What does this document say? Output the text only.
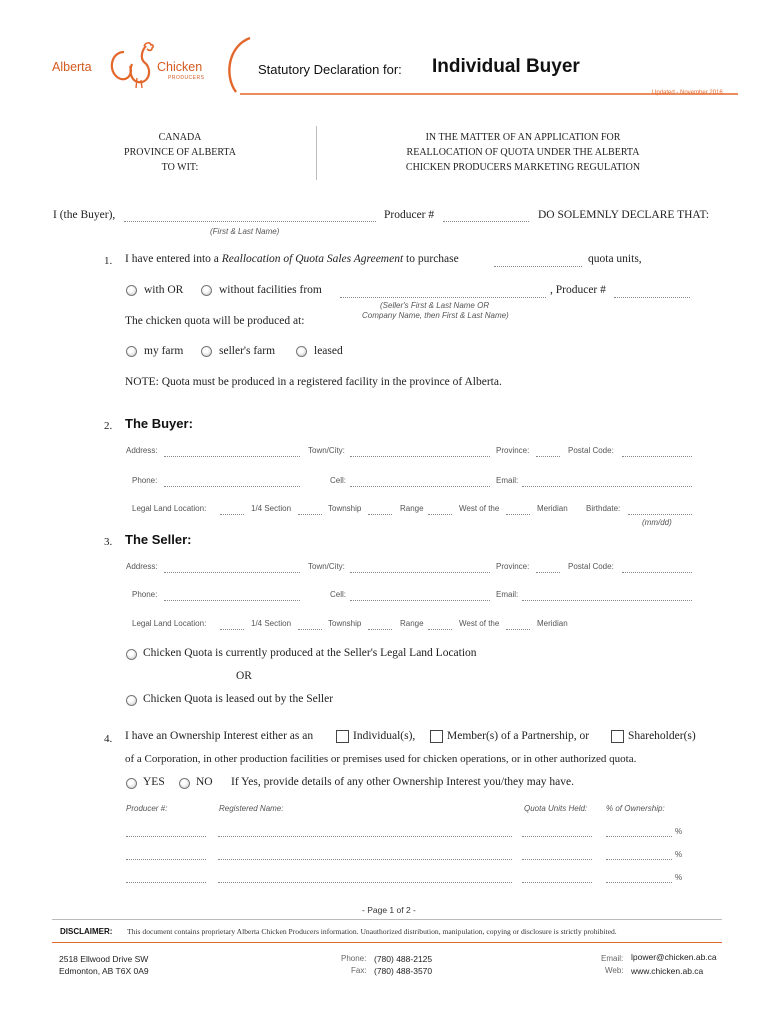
Alberta	Chicken
PRODUCERS
Statutory Declaration for: Individual Buyer
Updated - November 2016
CANADA
PROVINCE OF ALBERTA
TO WIT:
IN THE MATTER OF AN APPLICATION FOR
REALLOCATION OF QUOTA UNDER THE ALBERTA
CHICKEN PRODUCERS MARKETING REGULATION
I (the Buyer),
(First & Last Name)
Producer #	DO SOLEMNLY DECLARE THAT:
1. I have entered into a Reallocation of Quota Sales Agreement to purchase	quota units,
with OR	without facilities from	, Producer #
(Seller's First & Last Name OR
Company Name, then First & Last Name)
The chicken quota will be produced at:
my farm	seller's farm	leased
NOTE: Quota must be produced in a registered facility in the province of Alberta.
2. The Buyer:
Address:	Town/City:	Province:	Postal Code:
Phone:	Cell:	Email:
Legal Land Location:	1/4 Section	Township	Range	West of the	Meridian Birthdate:
(mm/dd)
3. The Seller:
Address:	Town/City:	Province:	Postal Code:
Phone:	Cell:	Email:
Legal Land Location:	1/4 Section	Township	Range	West of the	Meridian
Chicken Quota is currently produced at the Seller's Legal Land Location
OR
Chicken Quota is leased out by the Seller
4. I have an Ownership Interest either as an	Individual(s),	Member(s) of a Partnership, or	Shareholder(s)
of a Corporation, in other production facilities or premises used for chicken operations, or in other authorized quota.
YES	NO If Yes, provide details of any other Ownership Interest you/they may have.
Producer #:	Registered Name:	Quota Units Held: % of Ownership:
%
%
%
- Page 1 of 2 -
DISCLAIMER: This document contains proprietary Alberta Chicken Producers information. Unauthorized distribution, manipulation, copying or disclosure is strictly prohibited.
2518 Ellwood Drive SW
Edmonton, AB T6X 0A9
Phone: (780) 488-2125
Fax: (780) 488-3570
Email: lpower@chicken.ab.ca
Web: www.chicken.ab.ca
